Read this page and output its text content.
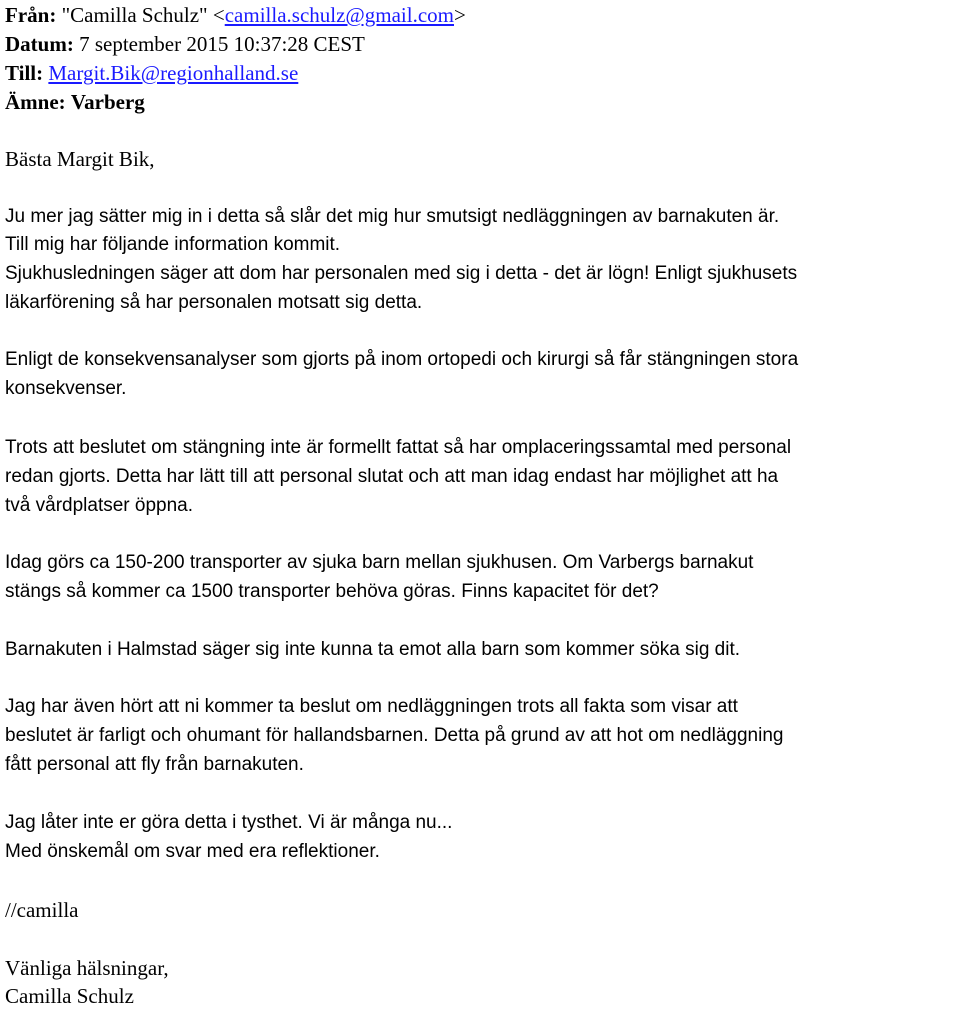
Från: "Camilla Schulz" <camilla.schulz@gmail.com>
Datum: 7 september 2015 10:37:28 CEST
Till: Margit.Bik@regionhalland.se
Ämne: Varberg
Bästa Margit Bik,
Ju mer jag sätter mig in i detta så slår det mig hur smutsigt nedläggningen av barnakuten är.
Till mig har följande information kommit.
Sjukhusledningen säger att dom har personalen med sig i detta - det är lögn! Enligt sjukhusets
läkarförening så har personalen motsatt sig detta.
Enligt de konsekvensanalyser som gjorts på inom ortopedi och kirurgi så får stängningen stora
konsekvenser.
Trots att beslutet om stängning inte är formellt fattat så har omplaceringssamtal med personal
redan gjorts. Detta har lätt till att personal slutat och att man idag endast har möjlighet att ha
två vårdplatser öppna.
Idag görs ca 150-200 transporter av sjuka barn mellan sjukhusen. Om Varbergs barnakut
stängs så kommer ca 1500 transporter behöva göras. Finns kapacitet för det?
Barnakuten i Halmstad säger sig inte kunna ta emot alla barn som kommer söka sig dit.
Jag har även hört att ni kommer ta beslut om nedläggningen trots all fakta som visar att
beslutet är farligt och ohumant för hallandsbarnen. Detta på grund av att hot om nedläggning
fått personal att fly från barnakuten.
Jag låter inte er göra detta i tysthet. Vi är många nu...
Med önskemål om svar med era reflektioner.
//camilla
Vänliga hälsningar,
Camilla Schulz
